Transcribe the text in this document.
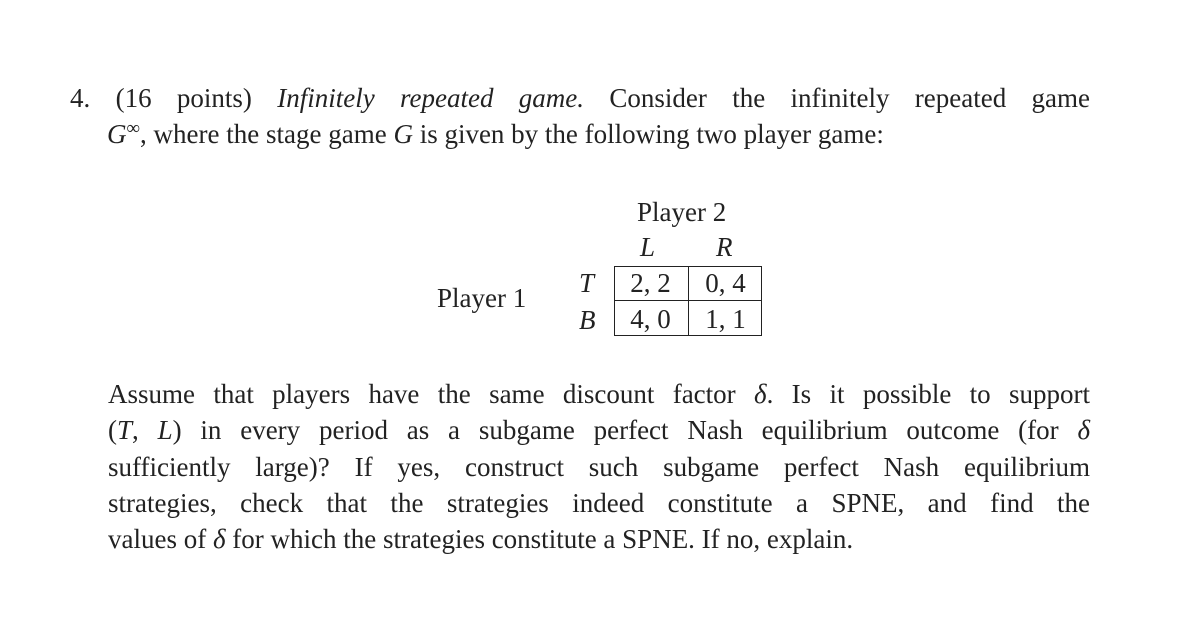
4. (16 points) Infinitely repeated game. Consider the infinitely repeated game
G∞, where the stage game G is given by the following two player game:
Player 2
L R
Player 1 T
B
2, 2	0, 4
4, 0	1, 1
Assume that players have the same discount factor δ. Is it possible to support
(T, L) in every period as a subgame perfect Nash equilibrium outcome (for δ
sufficiently large)? If yes, construct such subgame perfect Nash equilibrium
strategies, check that the strategies indeed constitute a SPNE, and find the
values of δ for which the strategies constitute a SPNE. If no, explain.
